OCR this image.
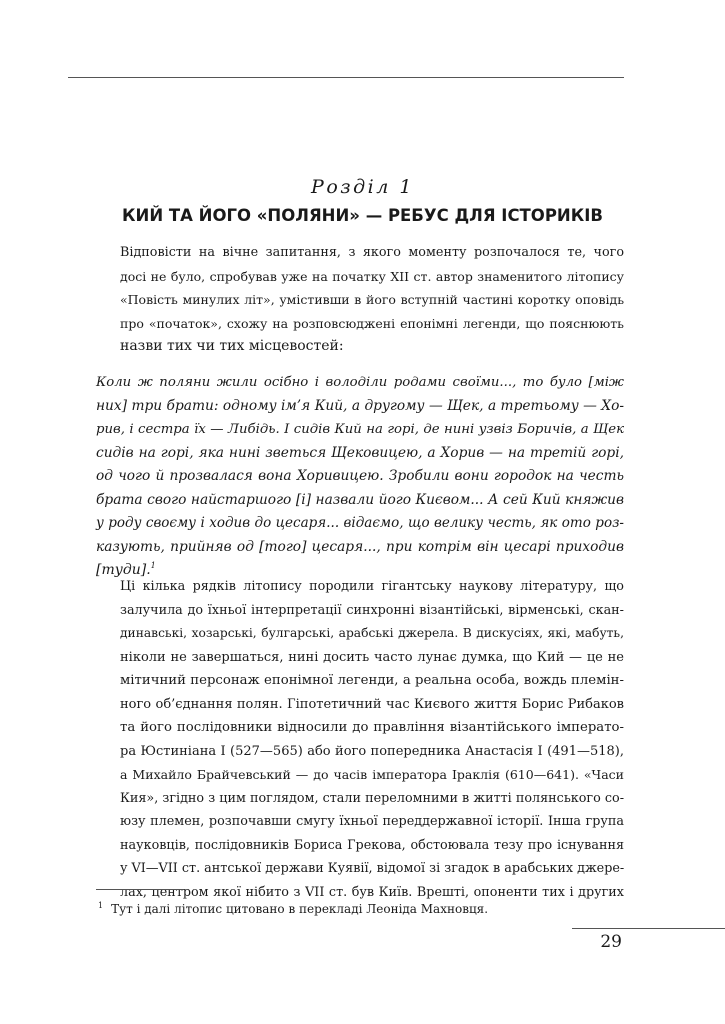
Розділ 1
КИЙ ТА ЙОГО «ПОЛЯНИ» — РЕБУС ДЛЯ ІСТОРИКІВ
Відповісти на вічне запитання, з якого моменту розпочалося те, чого
досі не було, спробував уже на початку XII ст. автор знаменитого літопису
«Повість минулих літ», умістивши в його вступній частині коротку оповідь
про «початок», схожу на розповсюджені епонімні легенди, що пояснюють
назви тих чи тих місцевостей:
Коли ж поляни жили осібно і володіли родами своїми..., то було [між
них] три брати: одному ім’я Кий, а другому — Щек, а третьому — Хо-
рив, і сестра їх — Либідь. І сидів Кий на горі, де нині узвіз Боричів, а Щек
сидів на горі, яка нині зветься Щековицею, а Хорив — на третій горі,
од чого й прозвалася вона Хоривицею. Зробили вони городок на честь
брата свого найстаршого [і] назвали його Києвом... А сей Кий княжив
у роду своєму і ходив до цесаря... відаємо, що велику честь, як ото роз-
казують, прийняв од [того] цесаря..., при котрім він цесарі приходив
[туди].$^1$
Ці кілька рядків літопису породили гігантську наукову літературу, що
залучила до їхньої інтерпретації синхронні візантійські, вірменські, скан-
динавські, хозарські, булгарські, арабські джерела. В дискусіях, які, мабуть,
ніколи не завершаться, нині досить часто лунає думка, що Кий — це не
мітичний персонаж епонімної легенди, а реальна особа, вождь племін-
ного об’єднання полян. Гіпотетичний час Києвого життя Борис Рибаков
та його послідовники відносили до правління візантійського імперато-
ра Юстиніана І (527—565) або його попередника Анастасія І (491—518),
а Михайло Брайчевський — до часів імператора Іраклія (610—641). «Часи
Кия», згідно з цим поглядом, стали переломними в житті полянського со-
юзу племен, розпочавши смугу їхньої переддержавної історії. Інша група
науковців, послідовників Бориса Грекова, обстоювала тезу про існування
у VI—VII ст. антської держави Куявії, відомої зі згадок в арабських джере-
лах, центром якої нібито з VII ст. був Київ. Врешті, опоненти тих і других
$^1$ Тут і далі літопис цитовано в перекладі Леоніда Махновця.
29
